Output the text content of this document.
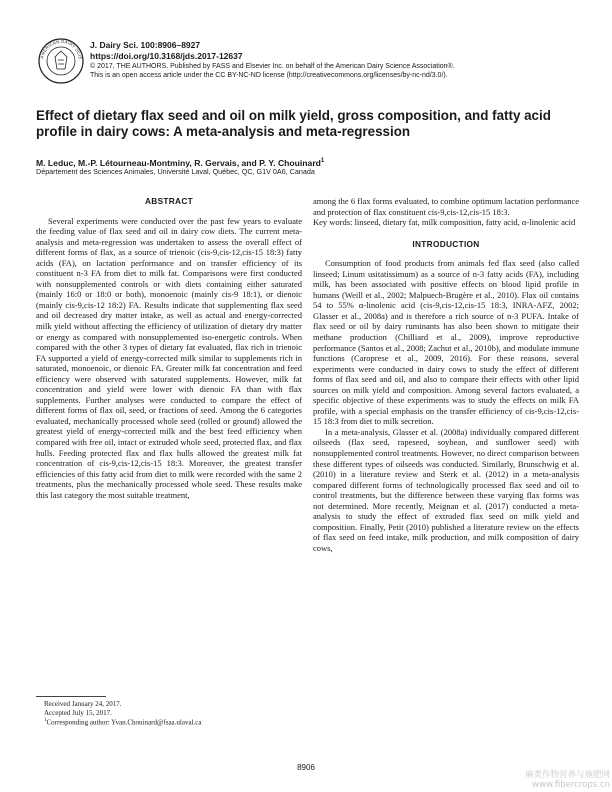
AMERICAN DAIRY SCIE
J. Dairy Sci. 100:8906–8927
https://doi.org/10.3168/jds.2017-12637
© 2017, THE AUTHORS. Published by FASS and Elsevier Inc. on behalf of the American Dairy Science Association®.
This is an open access article under the CC BY-NC-ND license (http://creativecommons.org/licenses/by-nc-nd/3.0/).
Effect of dietary flax seed and oil on milk yield, gross composition, and fatty acid profile in dairy cows: A meta-analysis and meta-regression
M. Leduc, M.-P. Létourneau-Montminy, R. Gervais, and P. Y. Chouinard$^1$
Département des Sciences Animales, Université Laval, Québec, QC, G1V 0A6, Canada
ABSTRACT

Several experiments were conducted over the past few years to evaluate the feeding value of flax seed and oil in dairy cow diets. The current meta-analysis and meta-regression was undertaken to assess the overall effect of different forms of flax, as a source of trienoic (cis-9,cis-12,cis-15 18:3) fatty acids (FA), on lactation performance and on transfer efficiency of its constituent n-3 FA from diet to milk fat. Comparisons were first conducted with nonsupplemented controls or with diets containing either saturated (mainly 16:0 or 18:0 or both), monoenoic (mainly cis-9 18:1), or dienoic (mainly cis-9,cis-12 18:2) FA. Results indicate that supplementing flax seed and oil decreased dry matter intake, as well as actual and energy-corrected milk yield without affecting the efficiency of utilization of dietary dry matter or energy as compared with nonsupplemented iso-energetic controls. When compared with the other 3 types of dietary fat evaluated, flax rich in trienoic FA supported a yield of energy-corrected milk similar to supplements rich in saturated, monoenoic, or dienoic FA. Greater milk fat concentration and feed efficiency were observed with saturated supplements. However, milk fat concentration and yield were lower with dienoic FA than with flax supplements. Further analyses were conducted to compare the effect of different forms of flax oil, seed, or fractions of seed. Among the 6 categories evaluated, mechanically processed whole seed (rolled or ground) allowed the greatest yield of energy-corrected milk and the best feed efficiency when compared with free oil, intact or extruded whole seed, protected flax, and flax hulls. Feeding protected flax and flax hulls allowed the greatest milk fat concentration of cis-9,cis-12,cis-15 18:3. Moreover, the greatest transfer efficiencies of this fatty acid from diet to milk were recorded with the same 2 treatments, plus the mechanically processed whole seed. These results make this last category the most suitable treatment,

among the 6 flax forms evaluated, to combine optimum lactation performance and protection of flax constituent cis-9,cis-12,cis-15 18:3.

Key words: linseed, dietary fat, milk composition, fatty acid, α-linolenic acid

INTRODUCTION

Consumption of food products from animals fed flax seed (also called linseed; Linum usitatissimum) as a source of n-3 fatty acids (FA), including milk, has been associated with positive effects on blood lipid profile in humans (Weill et al., 2002; Malpuech-Brugère et al., 2010). Flax oil contains 54 to 55% α-linolenic acid (cis-9,cis-12,cis-15 18:3, INRA-AFZ, 2002; Glasser et al., 2008a) and is therefore a rich source of n-3 PUFA. Intake of flax seed or oil by dairy ruminants has also been shown to mitigate their methane production (Chilliard et al., 2009), improve reproductive performance (Santos et al., 2008; Zachut et al., 2010b), and modulate immune functions (Caroprese et al., 2009, 2016). For these reasons, several experiments were conducted in dairy cows to study the effect of different forms of flax seed and oil, and also to compare their effects with other lipid sources on milk yield and composition. Among several factors evaluated, a specific objective of these experiments was to study the effects on milk FA profile, with a special emphasis on the transfer efficiency of cis-9,cis-12,cis-15 18:3 from diet to milk secretion.

In a meta-analysis, Glasser et al. (2008a) individually compared different oilseeds (flax seed, rapeseed, soybean, and sunflower seed) with nonsupplemented control treatments. However, no direct comparison between these different types of oilseeds was conducted. Similarly, Brunschwig et al. (2010) in a literature review and Sterk et al. (2012) in a meta-analysis compared different forms of technologically processed flax seed and oil to control treatments, but the difference between these varying flax forms was not determined. More recently, Meignan et al. (2017) conducted a meta-analysis to study the effect of extruded flax seed on milk yield and composition. Finally, Petit (2010) published a literature review on the effects of flax seed on feed intake, milk production, and milk composition of dairy cows,

Received January 24, 2017.
Accepted July 15, 2017.
$^1$Corresponding author: Yvan.Chouinard@fsaa.ulaval.ca
8906
麻类作物营养与施肥网 www.fibercrops.cn
